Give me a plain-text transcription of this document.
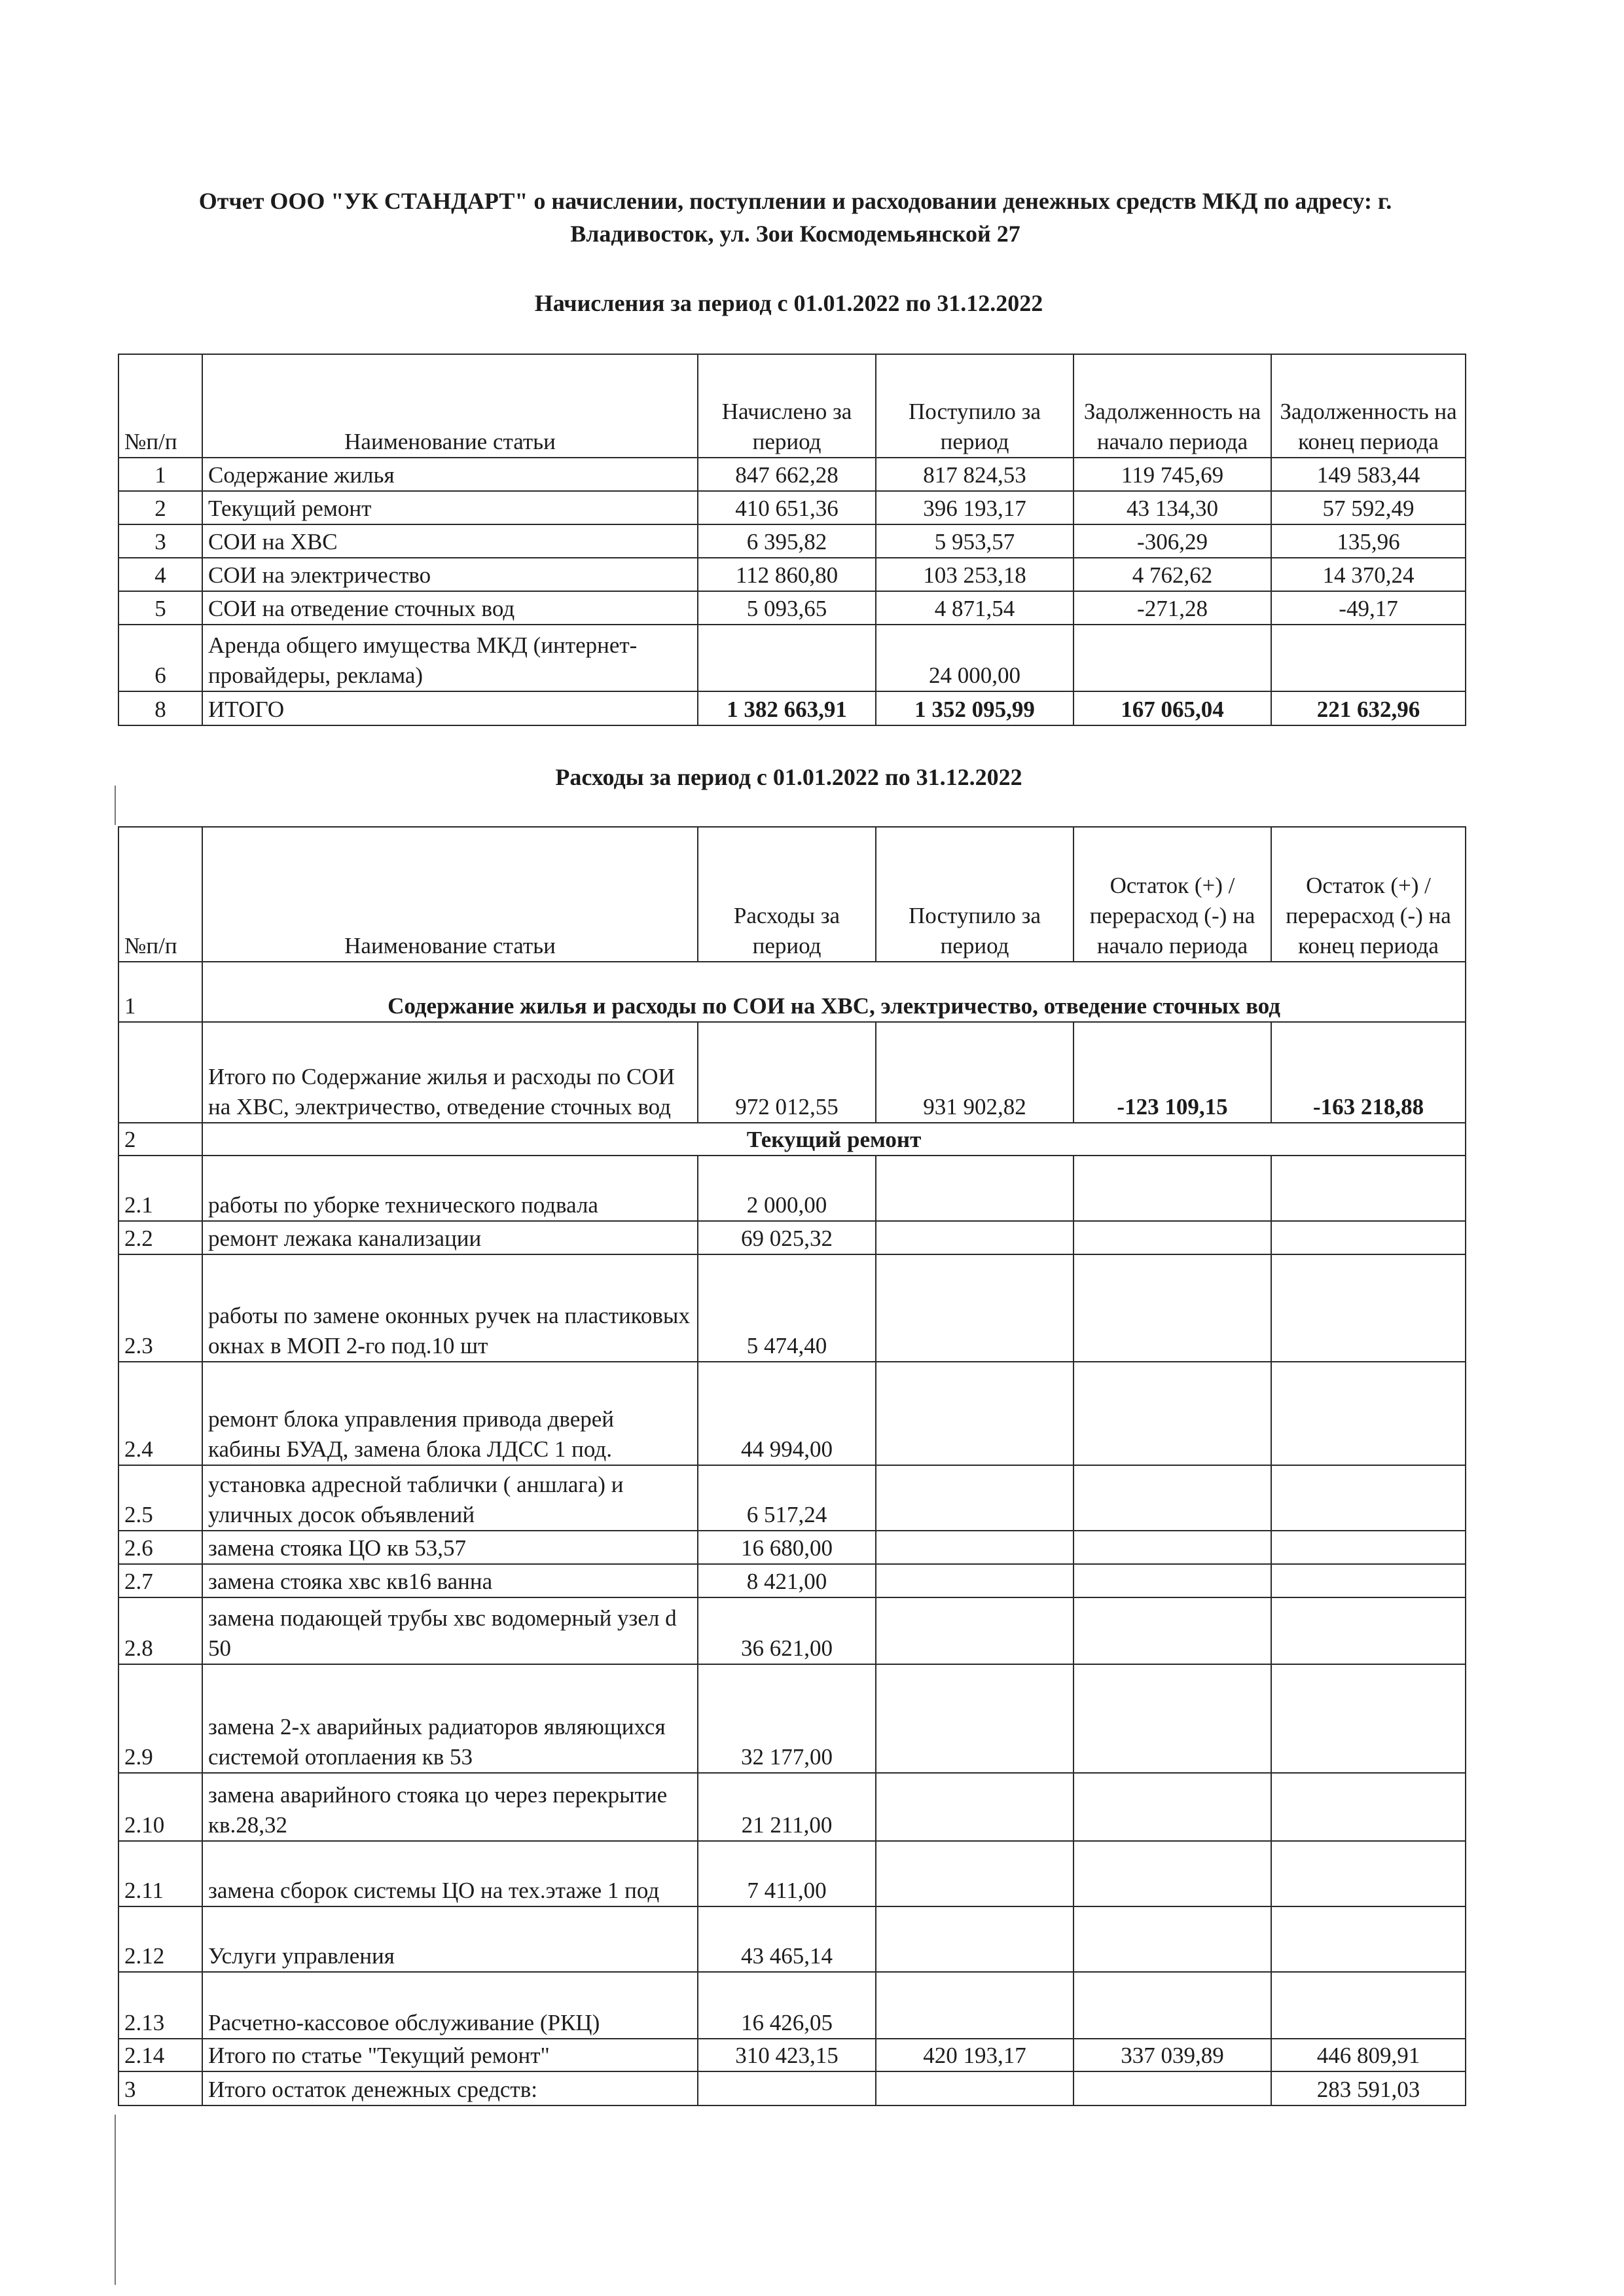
Отчет ООО "УК СТАНДАРТ" о начислении, поступлении и расходовании денежных средств МКД по адресу: г.
Владивосток, ул. Зои Космодемьянской 27
Начисления за период с 01.01.2022 по 31.12.2022
№п/п	Наименование статьи	Начислено за период	Поступило за период	Задолженность на начало периода	Задолженность на конец периода
1	Содержание жилья	847 662,28	817 824,53	119 745,69	149 583,44
2	Текущий ремонт	410 651,36	396 193,17	43 134,30	57 592,49
3	СОИ на ХВС	6 395,82	5 953,57	-306,29	135,96
4	СОИ на электричество	112 860,80	103 253,18	4 762,62	14 370,24
5	СОИ на отведение сточных вод	5 093,65	4 871,54	-271,28	-49,17
6	Аренда общего имущества МКД (интернет-провайдеры, реклама)		24 000,00		
8	ИТОГО	1 382 663,91	1 352 095,99	167 065,04	221 632,96
Расходы за период с 01.01.2022 по 31.12.2022
№п/п	Наименование статьи	Расходы за период	Поступило за период	Остаток (+) / перерасход (-) на начало периода	Остаток (+) / перерасход (-) на конец периода
1	Содержание жилья и расходы по СОИ на ХВС, электричество, отведение сточных вод				
	Итого по Содержание жилья и расходы по СОИ на ХВС, электричество, отведение сточных вод	972 012,55	931 902,82	-123 109,15	-163 218,88
2	Текущий ремонт				
2.1	работы по уборке технического подвала	2 000,00			
2.2	ремонт лежака канализации	69 025,32			
2.3	работы по замене оконных ручек на пластиковых окнах в МОП 2-го под.10 шт	5 474,40			
2.4	ремонт блока управления привода дверей кабины БУАД, замена блока ЛДСС 1 под.	44 994,00			
2.5	установка адресной таблички ( аншлага) и уличных досок объявлений	6 517,24			
2.6	замена стояка ЦО кв 53,57	16 680,00			
2.7	замена стояка хвс кв16 ванна	8 421,00			
2.8	замена подающей трубы хвс водомерный узел d 50	36 621,00			
2.9	замена 2-х аварийных радиаторов являющихся системой отоплаения кв 53	32 177,00			
2.10	замена аварийного стояка цо через перекрытие кв.28,32	21 211,00			
2.11	замена сборок системы ЦО на тех.этаже 1 под	7 411,00			
2.12	Услуги управления	43 465,14			
2.13	Расчетно-кассовое обслуживание (РКЦ)	16 426,05			
2.14	Итого по статье "Текущий ремонт"	310 423,15	420 193,17	337 039,89	446 809,91
3	Итого остаток денежных средств:				283 591,03
